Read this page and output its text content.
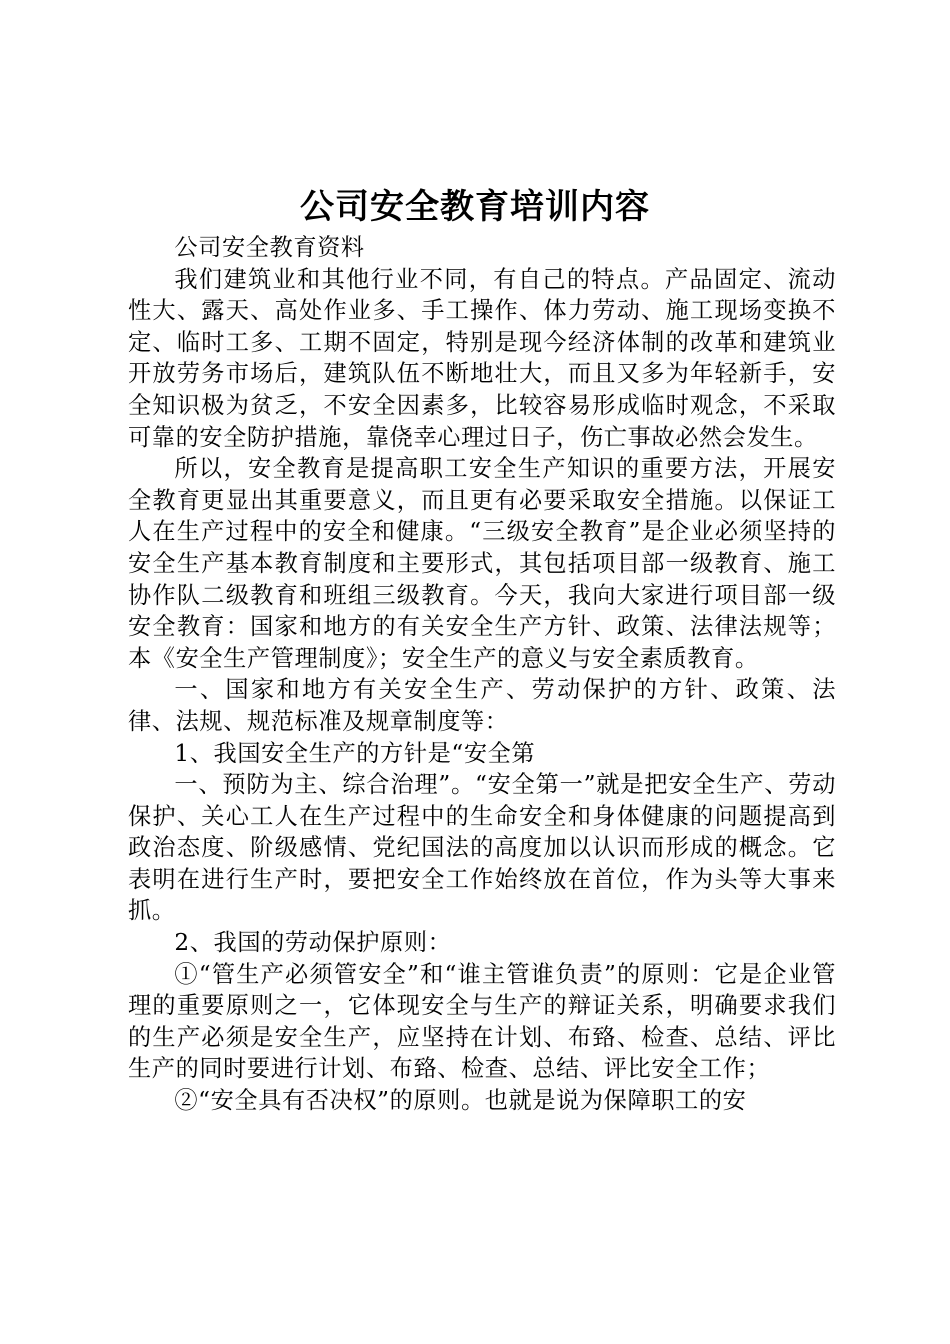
公司安全教育培训内容

公司安全教育资料

我们建筑业和其他行业不同，有自己的特点。产品固定、流动性大、露天、高处作业多、手工操作、体力劳动、施工现场变换不定、临时工多、工期不固定，特别是现今经济体制的改革和建筑业开放劳务市场后，建筑队伍不断地壮大，而且又多为年轻新手，安全知识极为贫乏，不安全因素多，比较容易形成临时观念，不采取可靠的安全防护措施，靠侥幸心理过日子，伤亡事故必然会发生。

所以，安全教育是提高职工安全生产知识的重要方法，开展安全教育更显出其重要意义，而且更有必要采取安全措施。以保证工人在生产过程中的安全和健康。“三级安全教育”是企业必须坚持的安全生产基本教育制度和主要形式，其包括项目部一级教育、施工协作队二级教育和班组三级教育。今天，我向大家进行项目部一级安全教育：国家和地方的有关安全生产方针、政策、法律法规等；本《安全生产管理制度》；安全生产的意义与安全素质教育。

一、国家和地方有关安全生产、劳动保护的方针、政策、法律、法规、规范标准及规章制度等：

1、我国安全生产的方针是“安全第

一、预防为主、综合治理”。“安全第一”就是把安全生产、劳动保护、关心工人在生产过程中的生命安全和身体健康的问题提高到政治态度、阶级感情、党纪国法的高度加以认识而形成的概念。它表明在进行生产时，要把安全工作始终放在首位，作为头等大事来抓。

2、我国的劳动保护原则：

①“管生产必须管安全”和“谁主管谁负责”的原则：它是企业管理的重要原则之一，它体现安全与生产的辩证关系，明确要求我们的生产必须是安全生产，应坚持在计划、布臵、检查、总结、评比生产的同时要进行计划、布臵、检查、总结、评比安全工作；

②“安全具有否决权”的原则。也就是说为保障职工的安
